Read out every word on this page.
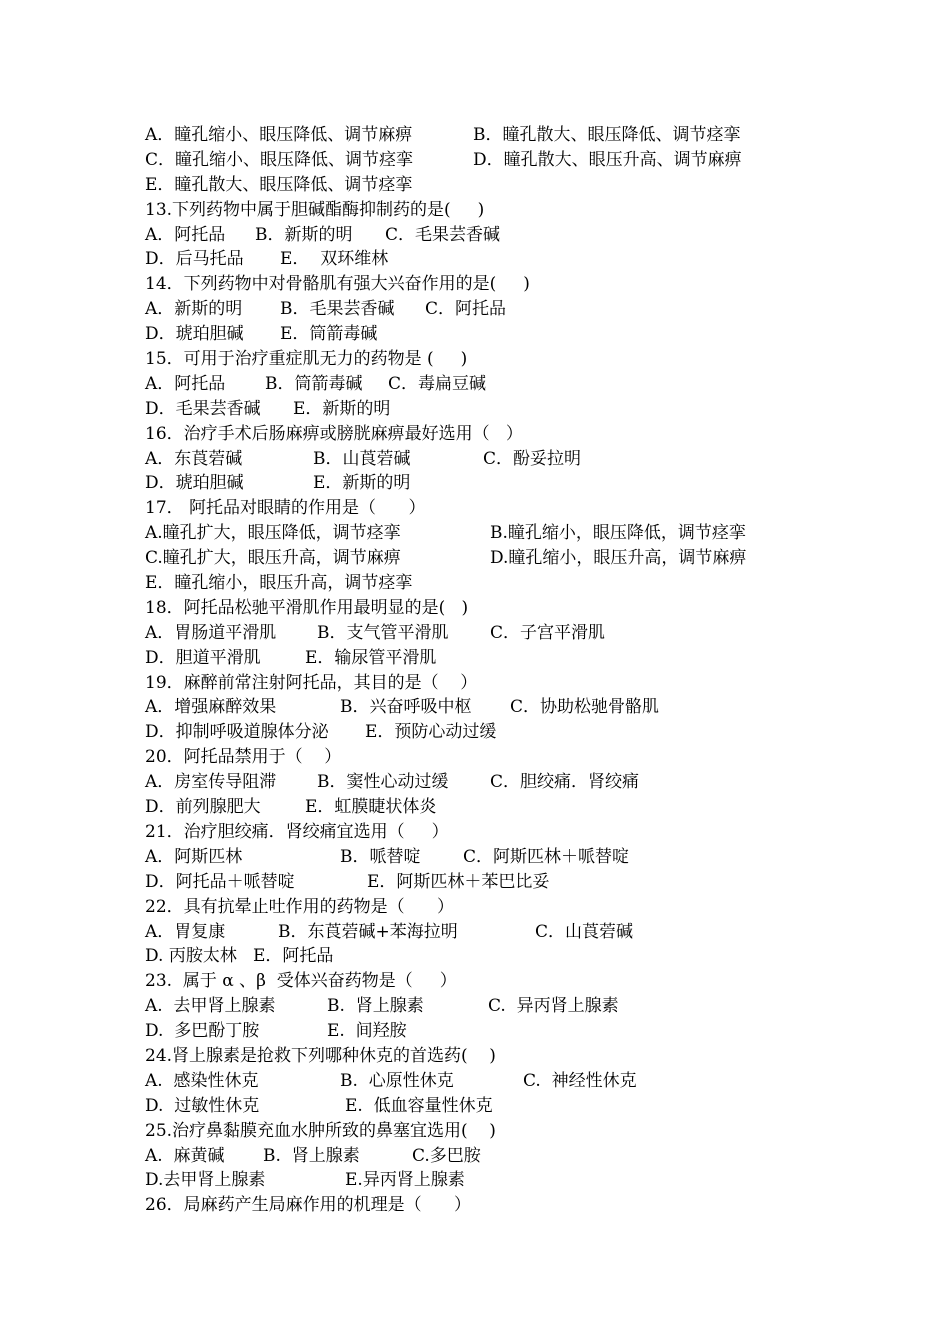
A．瞳孔缩小、眼压降低、调节麻痹	B．瞳孔散大、眼压降低、调节痉挛
C．瞳孔缩小、眼压降低、调节痉挛	D．瞳孔散大、眼压升高、调节麻痹
E．瞳孔散大、眼压降低、调节痉挛
13.下列药物中属于胆碱酯酶抑制药的是(     )
A．阿托品 B．新斯的明 C．毛果芸香碱
D．后马托品 E．  双环维林
14．下列药物中对骨骼肌有强大兴奋作用的是(     )
A．新斯的明 B．毛果芸香碱 C．阿托品
D．琥珀胆碱 E．筒箭毒碱
15．可用于治疗重症肌无力的药物是 (     )
A．阿托品 B．筒箭毒碱 C．毒扁豆碱
D．毛果芸香碱 E．新斯的明
16．治疗手术后肠麻痹或膀胱麻痹最好选用（   ）
A．东莨菪碱	B．山莨菪碱	C．酚妥拉明
D．琥珀胆碱	E．新斯的明
17． 阿托品对眼睛的作用是（      ）
A.瞳孔扩大，眼压降低，调节痉挛	B.瞳孔缩小，眼压降低，调节痉挛
C.瞳孔扩大，眼压升高，调节麻痹	D.瞳孔缩小，眼压升高，调节麻痹
E．瞳孔缩小，眼压升高，调节痉挛
18．阿托品松驰平滑肌作用最明显的是(   )
A．胃肠道平滑肌 B．支气管平滑肌 C．子宫平滑肌
D．胆道平滑肌	E．输尿管平滑肌
19．麻醉前常注射阿托品，其目的是（    ）
A．增强麻醉效果	B．兴奋呼吸中枢 C．协助松驰骨骼肌
D．抑制呼吸道腺体分泌 E．预防心动过缓
20．阿托品禁用于（    ）
A．房室传导阻滞 B．窦性心动过缓 C．胆绞痛．肾绞痛
D．前列腺肥大	E．虹膜睫状体炎
21．治疗胆绞痛．肾绞痛宜选用（     ）
A．阿斯匹林	B．哌替啶	C．阿斯匹林＋哌替啶
D．阿托品＋哌替啶	E．阿斯匹林＋苯巴比妥
22．具有抗晕止吐作用的药物是（      ）
A．胃复康	B．东莨菪碱+苯海拉明	C．山莨菪碱
D. 丙胺太林 E．阿托品
23.  属于 α 、β  受体兴奋药物是（     ）
A.  去甲肾上腺素	B.  肾上腺素	C.  异丙肾上腺素
D.  多巴酚丁胺	E.  间羟胺
24.肾上腺素是抢救下列哪种休克的首选药(    )
A.  感染性休克	B.  心原性休克	C.  神经性休克
D.  过敏性休克	E.  低血容量性休克
25.治疗鼻黏膜充血水肿所致的鼻塞宜选用(    )
A.  麻黄碱 B.  肾上腺素	C.多巴胺
D.去甲肾上腺素	E.异丙肾上腺素
26．局麻药产生局麻作用的机理是（      ）
